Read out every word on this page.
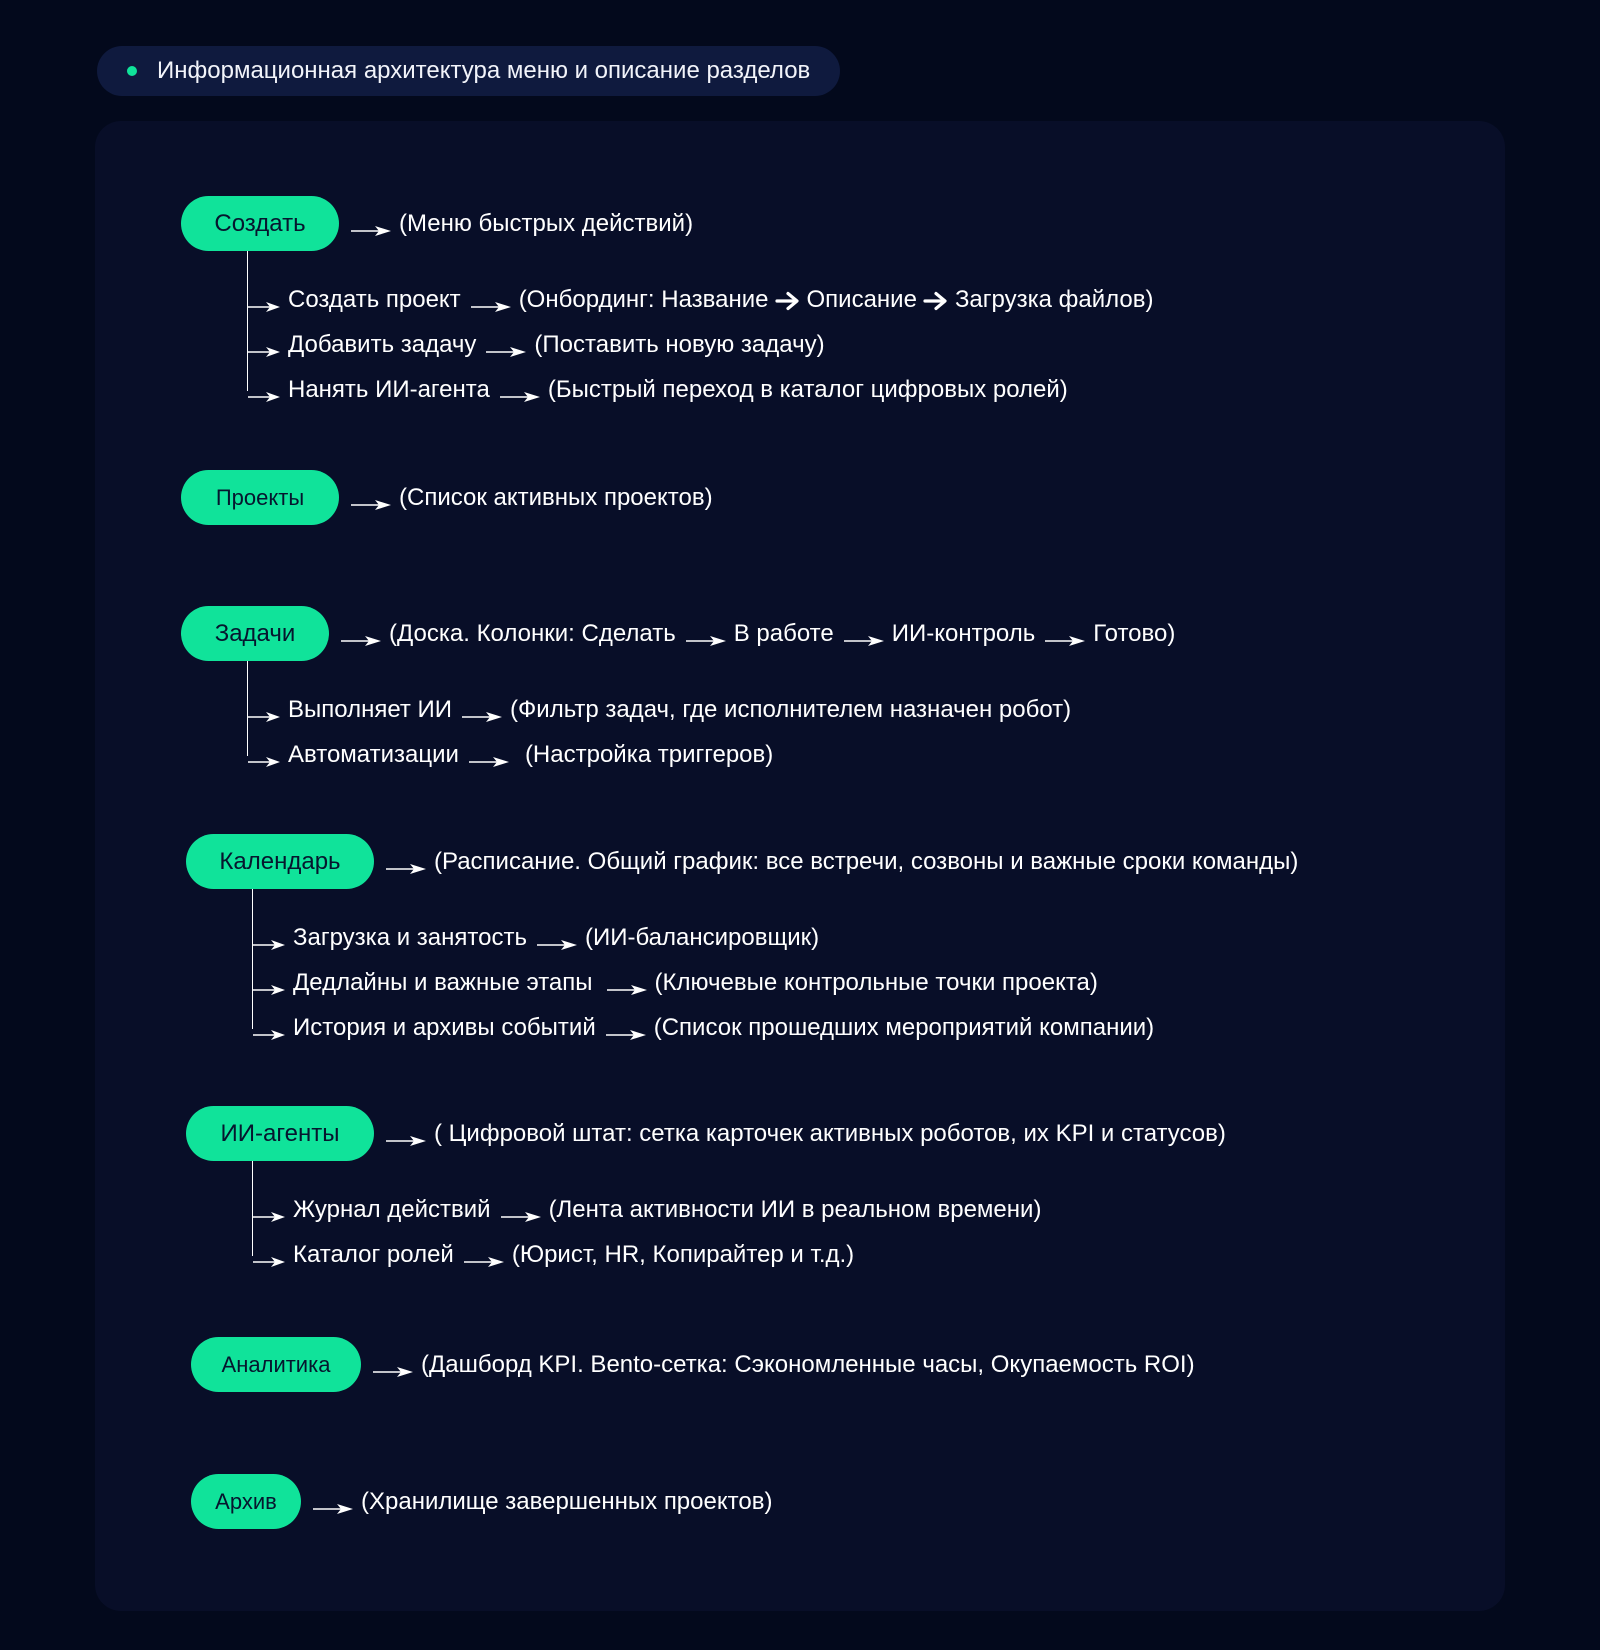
Информационная архитектура меню и описание разделов
Создать	(Меню быстрых действий)
Создать проект (Онбординг: Название Описание Загрузка файлов)
Добавить задачу (Поставить новую задачу)
Нанять ИИ-агента (Быстрый переход в каталог цифровых ролей)
Проекты	(Список активных проектов)
Задачи	(Доска. Колонки: Сделать В работе ИИ-контроль Готово)
Выполняет ИИ (Фильтр задач, где исполнителем назначен робот)
Автоматизации	(Настройка триггеров)
Календарь	(Расписание. Общий график: все встречи, созвоны и важные сроки команды)
Загрузка и занятость (ИИ-балансировщик)
Дедлайны и важные этапы	(Ключевые контрольные точки проекта)
История и архивы событий (Список прошедших мероприятий компании)
ИИ-агенты	( Цифровой штат: сетка карточек активных роботов, их KPI и статусов)
Журнал действий (Лента активности ИИ в реальном времени)
Каталог ролей (Юрист, HR, Копирайтер и т.д.)
Аналитика	(Дашборд KPI. Bento-сетка: Сэкономленные часы, Окупаемость ROI)
Архив	(Хранилище завершенных проектов)
